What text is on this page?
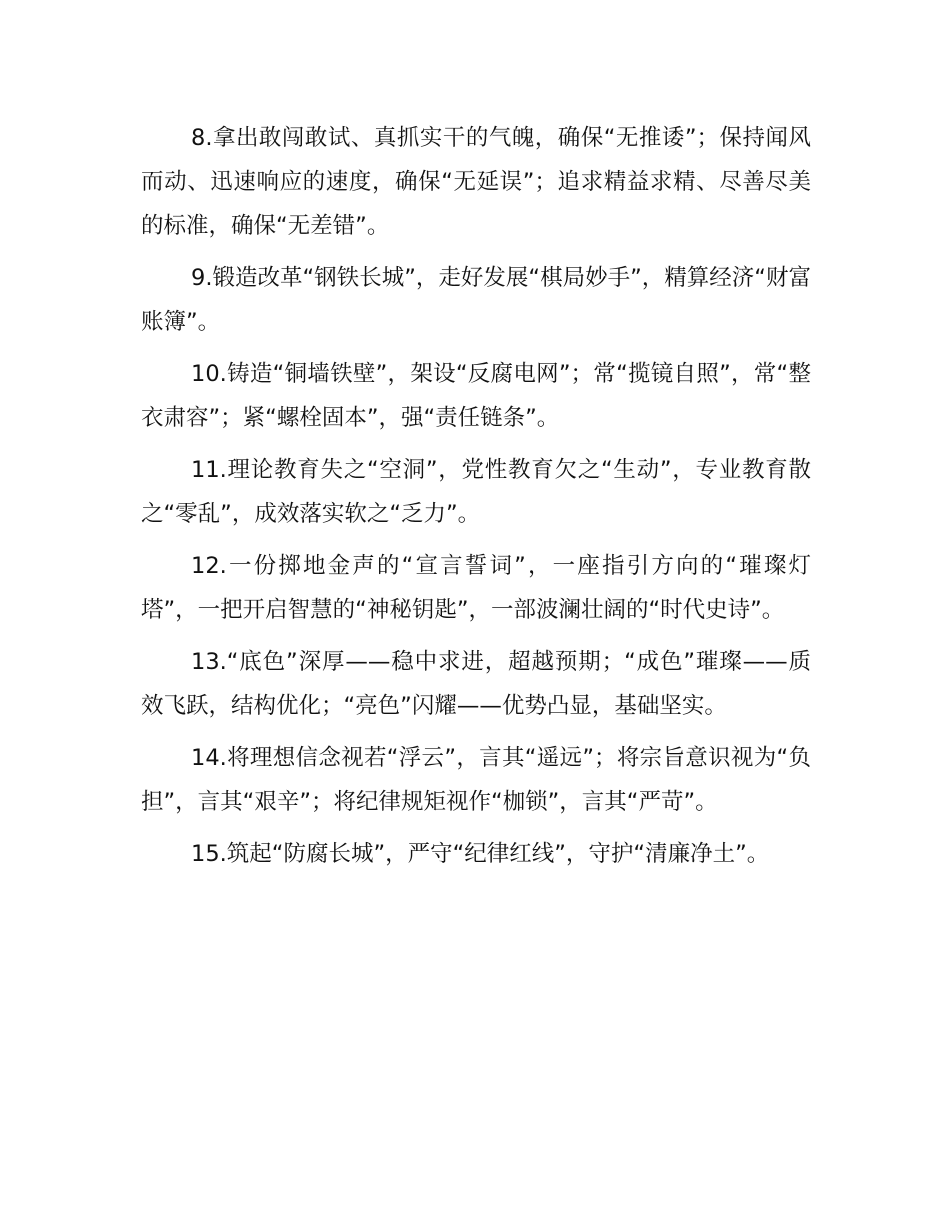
8.拿出敢闯敢试、真抓实干的气魄，确保“无推诿”；保持闻风而动、迅速响应的速度，确保“无延误”；追求精益求精、尽善尽美的标准，确保“无差错”。

9.锻造改革“钢铁长城”，走好发展“棋局妙手”，精算经济“财富账簿”。

10.铸造“铜墙铁壁”，架设“反腐电网”；常“揽镜自照”，常“整衣肃容”；紧“螺栓固本”，强“责任链条”。

11.理论教育失之“空洞”，党性教育欠之“生动”，专业教育散之“零乱”，成效落实软之“乏力”。

12.一份掷地金声的“宣言誓词”，一座指引方向的“璀璨灯塔”，一把开启智慧的“神秘钥匙”，一部波澜壮阔的“时代史诗”。

13.“底色”深厚——稳中求进，超越预期；“成色”璀璨——质效飞跃，结构优化；“亮色”闪耀——优势凸显，基础坚实。

14.将理想信念视若“浮云”，言其“遥远”；将宗旨意识视为“负担”，言其“艰辛”；将纪律规矩视作“枷锁”，言其“严苛”。

15.筑起“防腐长城”，严守“纪律红线”，守护“清廉净土”。
